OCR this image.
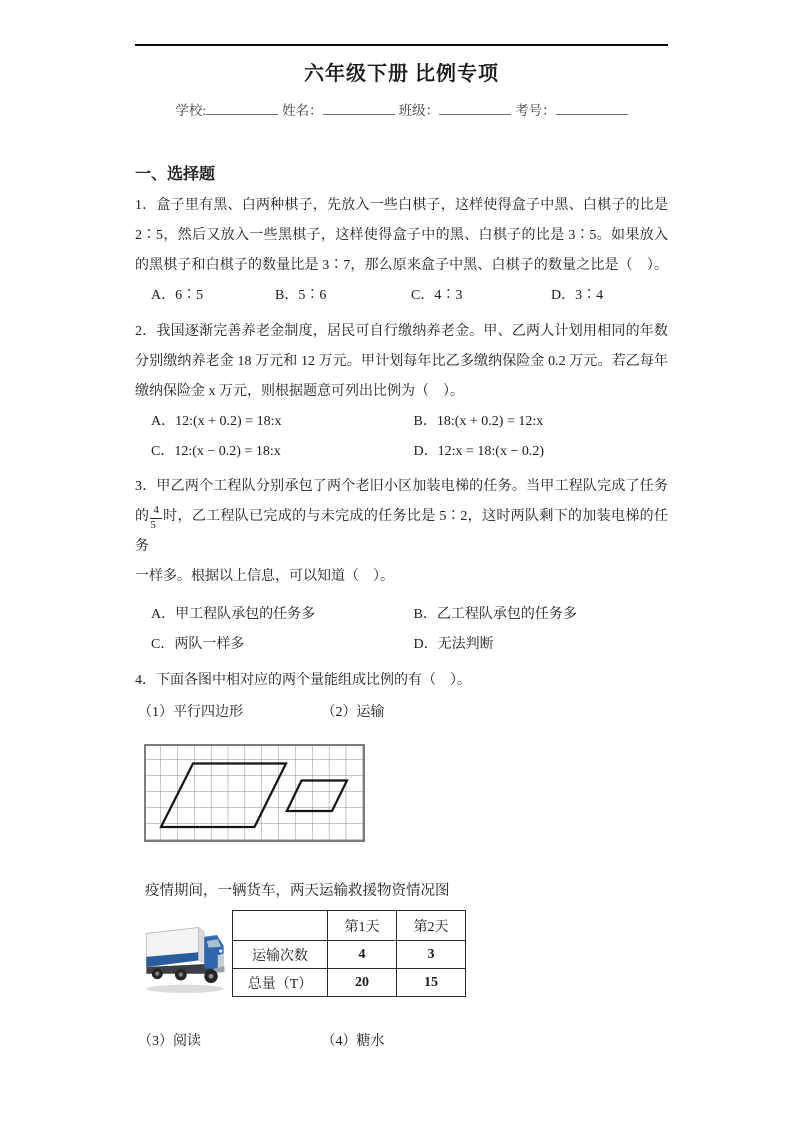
六年级下册 比例专项
学校:	姓名：	班级：	考号：
一、选择题
1．盒子里有黑、白两种棋子，先放入一些白棋子，这样使得盒子中黑、白棋子的比是
2∶5，然后又放入一些黑棋子，这样使得盒子中的黑、白棋子的比是 3∶5。如果放入
的黑棋子和白棋子的数量比是 3∶7，那么原来盒子中黑、白棋子的数量之比是（　）。
A．6∶5	B．5∶6	C．4∶3	D．3∶4
2．我国逐渐完善养老金制度，居民可自行缴纳养老金。甲、乙两人计划用相同的年数
分别缴纳养老金 18 万元和 12 万元。甲计划每年比乙多缴纳保险金 0.2 万元。若乙每年
缴纳保险金 x 万元，则根据题意可列出比例为（　）。
A．12:(x + 0.2) = 18:x	B．18:(x + 0.2) = 12:x
C．12:(x − 0.2) = 18:x	D．12:x = 18:(x − 0.2)
3．甲乙两个工程队分别承包了两个老旧小区加装电梯的任务。当甲工程队完成了任务
的 $\frac{4}{5}$ 时，乙工程队已完成的与未完成的任务比是 5∶2，这时两队剩下的加装电梯的任务
一样多。根据以上信息，可以知道（　）。
A．甲工程队承包的任务多	B．乙工程队承包的任务多
C．两队一样多	D．无法判断
4．下面各图中相对应的两个量能组成比例的有（　）。
（1）平行四边形	（2）运输
疫情期间，一辆货车，两天运输救援物资情况图
	第1天	第2天
运输次数	4	3
总量（T）	20	15
（3）阅读	（4）糖水
